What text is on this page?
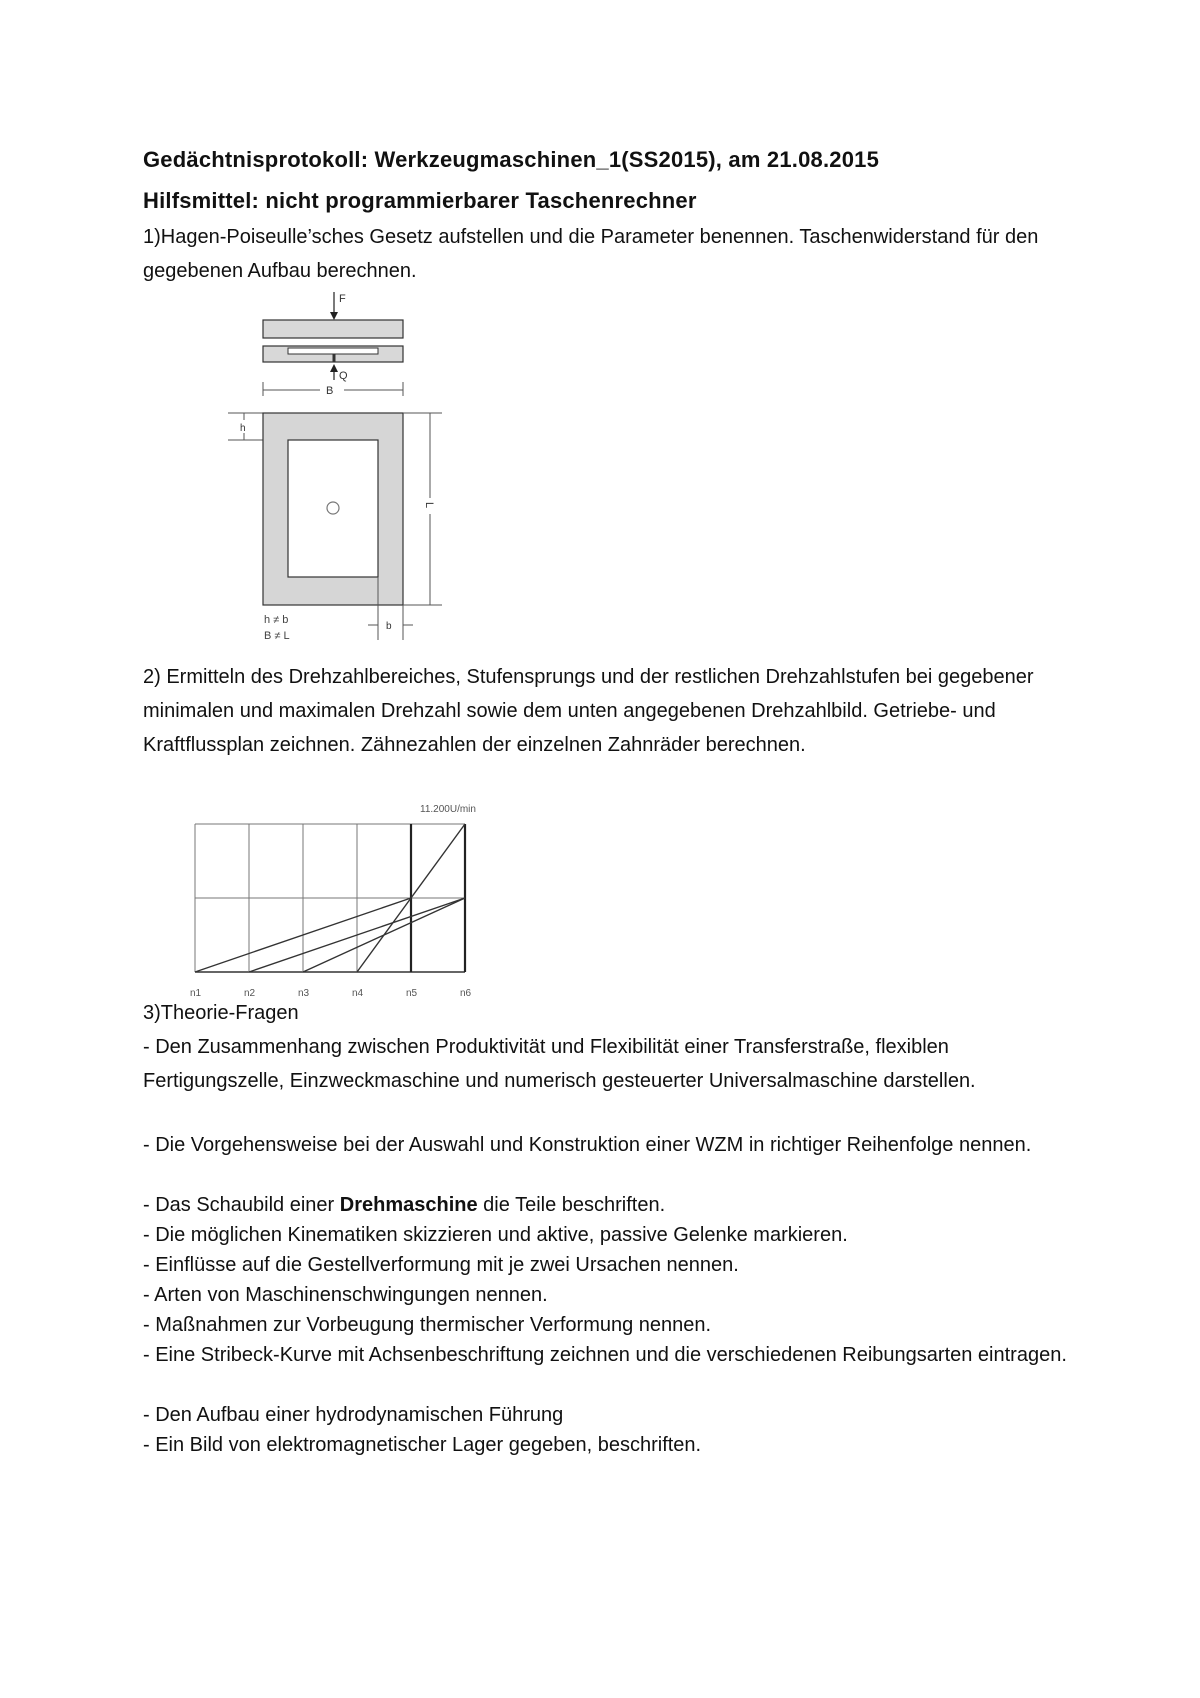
Gedächtnisprotokoll: Werkzeugmaschinen_1(SS2015), am 21.08.2015
Hilfsmittel: nicht programmierbarer Taschenrechner
1)Hagen-Poiseulle’sches Gesetz aufstellen und die Parameter benennen. Taschenwiderstand für den gegebenen Aufbau berechnen.
F
Q
B
h
L
b
h ≠ b
B ≠ L
2) Ermitteln des Drehzahlbereiches, Stufensprungs und der restlichen Drehzahlstufen bei gegebener minimalen und maximalen Drehzahl sowie dem unten angegebenen Drehzahlbild. Getriebe- und Kraftflussplan zeichnen. Zähnezahlen der einzelnen Zahnräder berechnen.
11.200U/min
n1	n2	n3	n4	n5	n6
3)Theorie-Fragen
- Den Zusammenhang zwischen Produktivität und Flexibilität einer Transferstraße, flexiblen Fertigungszelle, Einzweckmaschine und numerisch gesteuerter Universalmaschine darstellen.
- Die Vorgehensweise bei der Auswahl und Konstruktion einer WZM in richtiger Reihenfolge nennen.
- Das Schaubild einer Drehmaschine die Teile beschriften.
- Die möglichen Kinematiken skizzieren und aktive, passive Gelenke markieren.
- Einflüsse auf die Gestellverformung mit je zwei Ursachen nennen.
- Arten von Maschinenschwingungen nennen.
- Maßnahmen zur Vorbeugung thermischer Verformung nennen.
- Eine Stribeck-Kurve mit Achsenbeschriftung zeichnen und die verschiedenen Reibungsarten eintragen.
- Den Aufbau einer hydrodynamischen Führung
- Ein Bild von elektromagnetischer Lager gegeben, beschriften.
